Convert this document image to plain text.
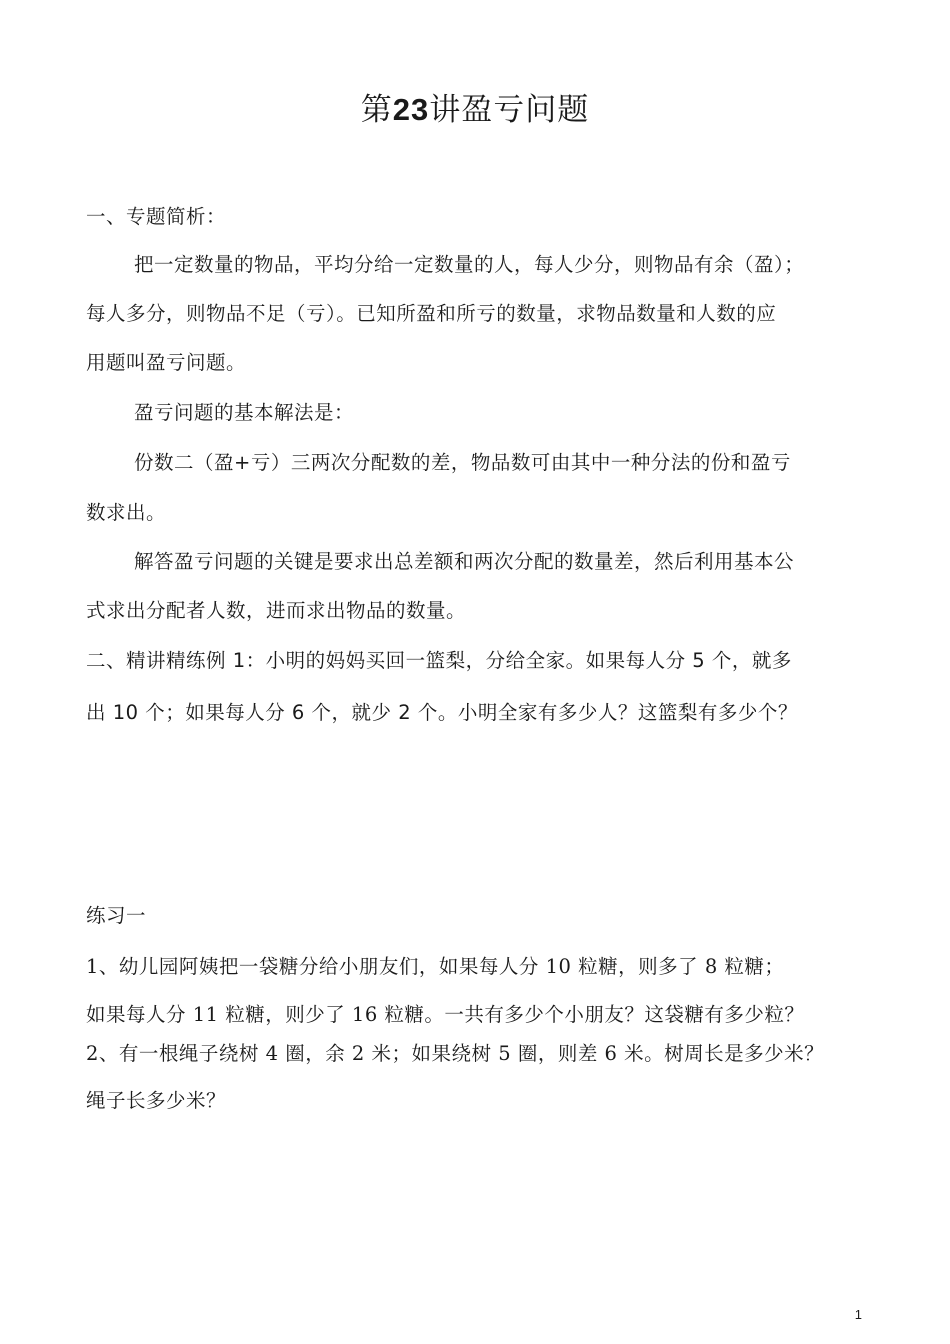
第23讲盈亏问题
一、专题简析：
把一定数量的物品，平均分给一定数量的人，每人少分，则物品有余（盈）；
每人多分，则物品不足（亏）。已知所盈和所亏的数量，求物品数量和人数的应
用题叫盈亏问题。
盈亏问题的基本解法是：
份数二（盈+亏）三两次分配数的差，物品数可由其中一种分法的份和盈亏
数求出。
解答盈亏问题的关键是要求出总差额和两次分配的数量差，然后利用基本公
式求出分配者人数，进而求出物品的数量。
二、精讲精练例 1：小明的妈妈买回一篮梨，分给全家。如果每人分 5 个，就多
出 10 个；如果每人分 6 个，就少 2 个。小明全家有多少人？这篮梨有多少个？
练习一
1、幼儿园阿姨把一袋糖分给小朋友们，如果每人分 10 粒糖，则多了 8 粒糖；
如果每人分 11 粒糖，则少了 16 粒糖。一共有多少个小朋友？这袋糖有多少粒？
2、有一根绳子绕树 4 圈，余 2 米；如果绕树 5 圈，则差 6 米。树周长是多少米？
绳子长多少米？
1
